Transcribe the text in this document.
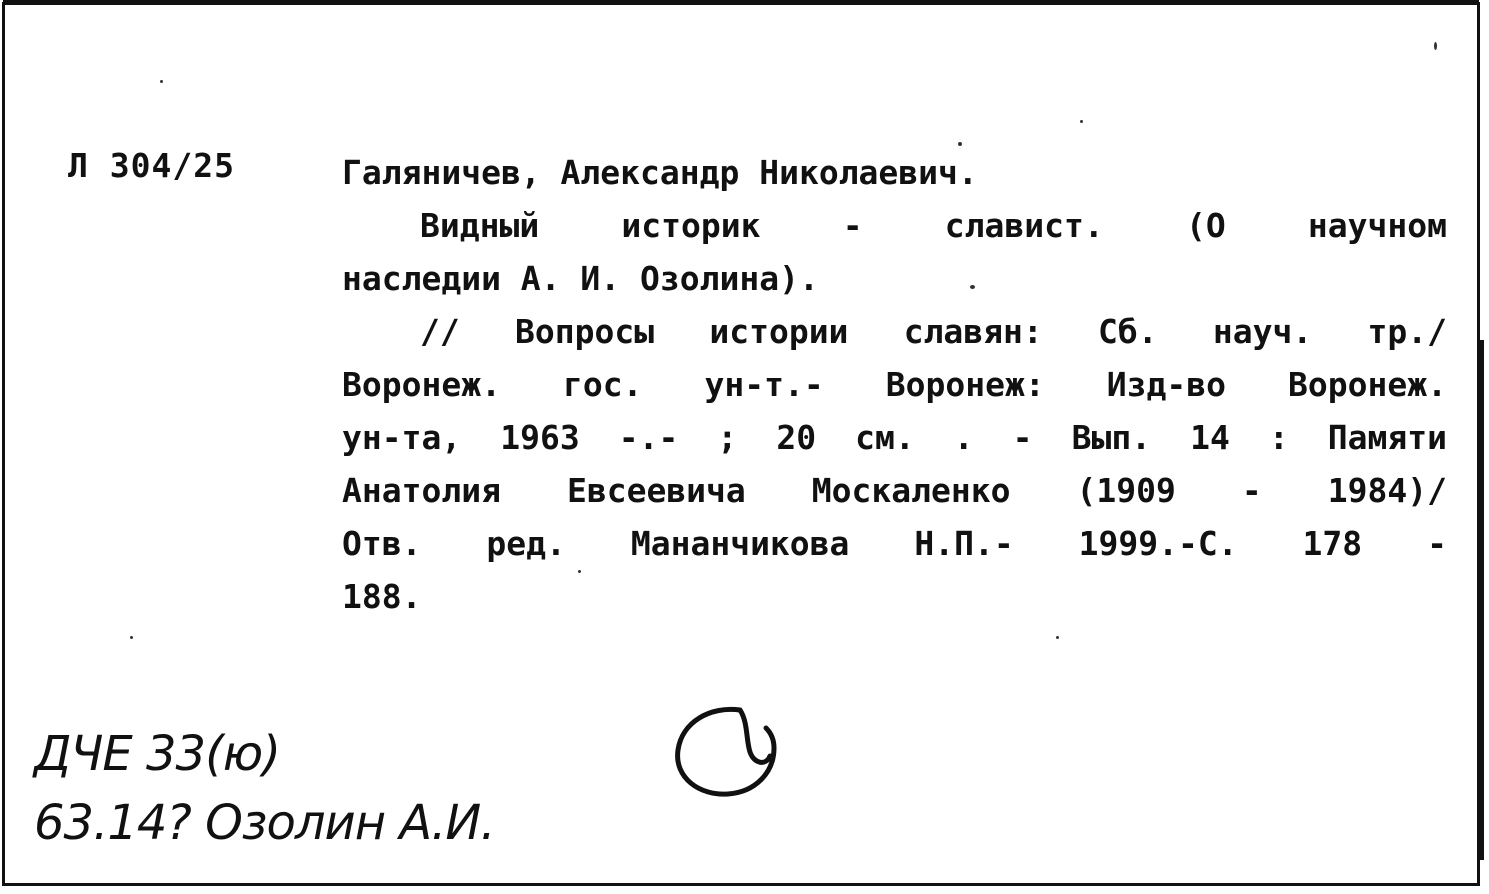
Л 304/25	Галяничев, Александр Николаевич.
Видный историк - славист. (О научном
наследии А. И. Озолина).
// Вопросы истории славян: Сб. науч. тр./
Воронеж. гос. ун-т.- Воронеж: Изд-во Воронеж.
ун-та, 1963 -.- ; 20 см. . - Вып. 14 : Памяти
Анатолия Евсеевича Москаленко (1909 - 1984)/
Отв. ред. Мананчикова Н.П.- 1999.-С. 178 -
188.
ДЧЕ 33(ю)
63.14? Озолин А.И.
